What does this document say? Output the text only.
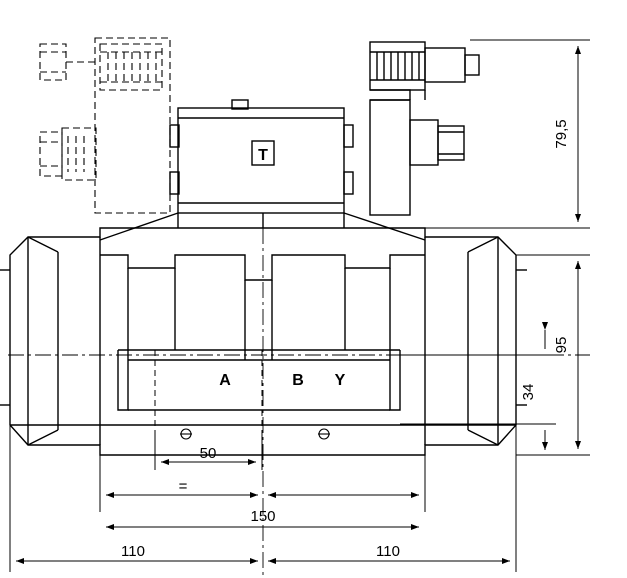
A	B Y
T
79,5
95
34
50
=
150
110	110
